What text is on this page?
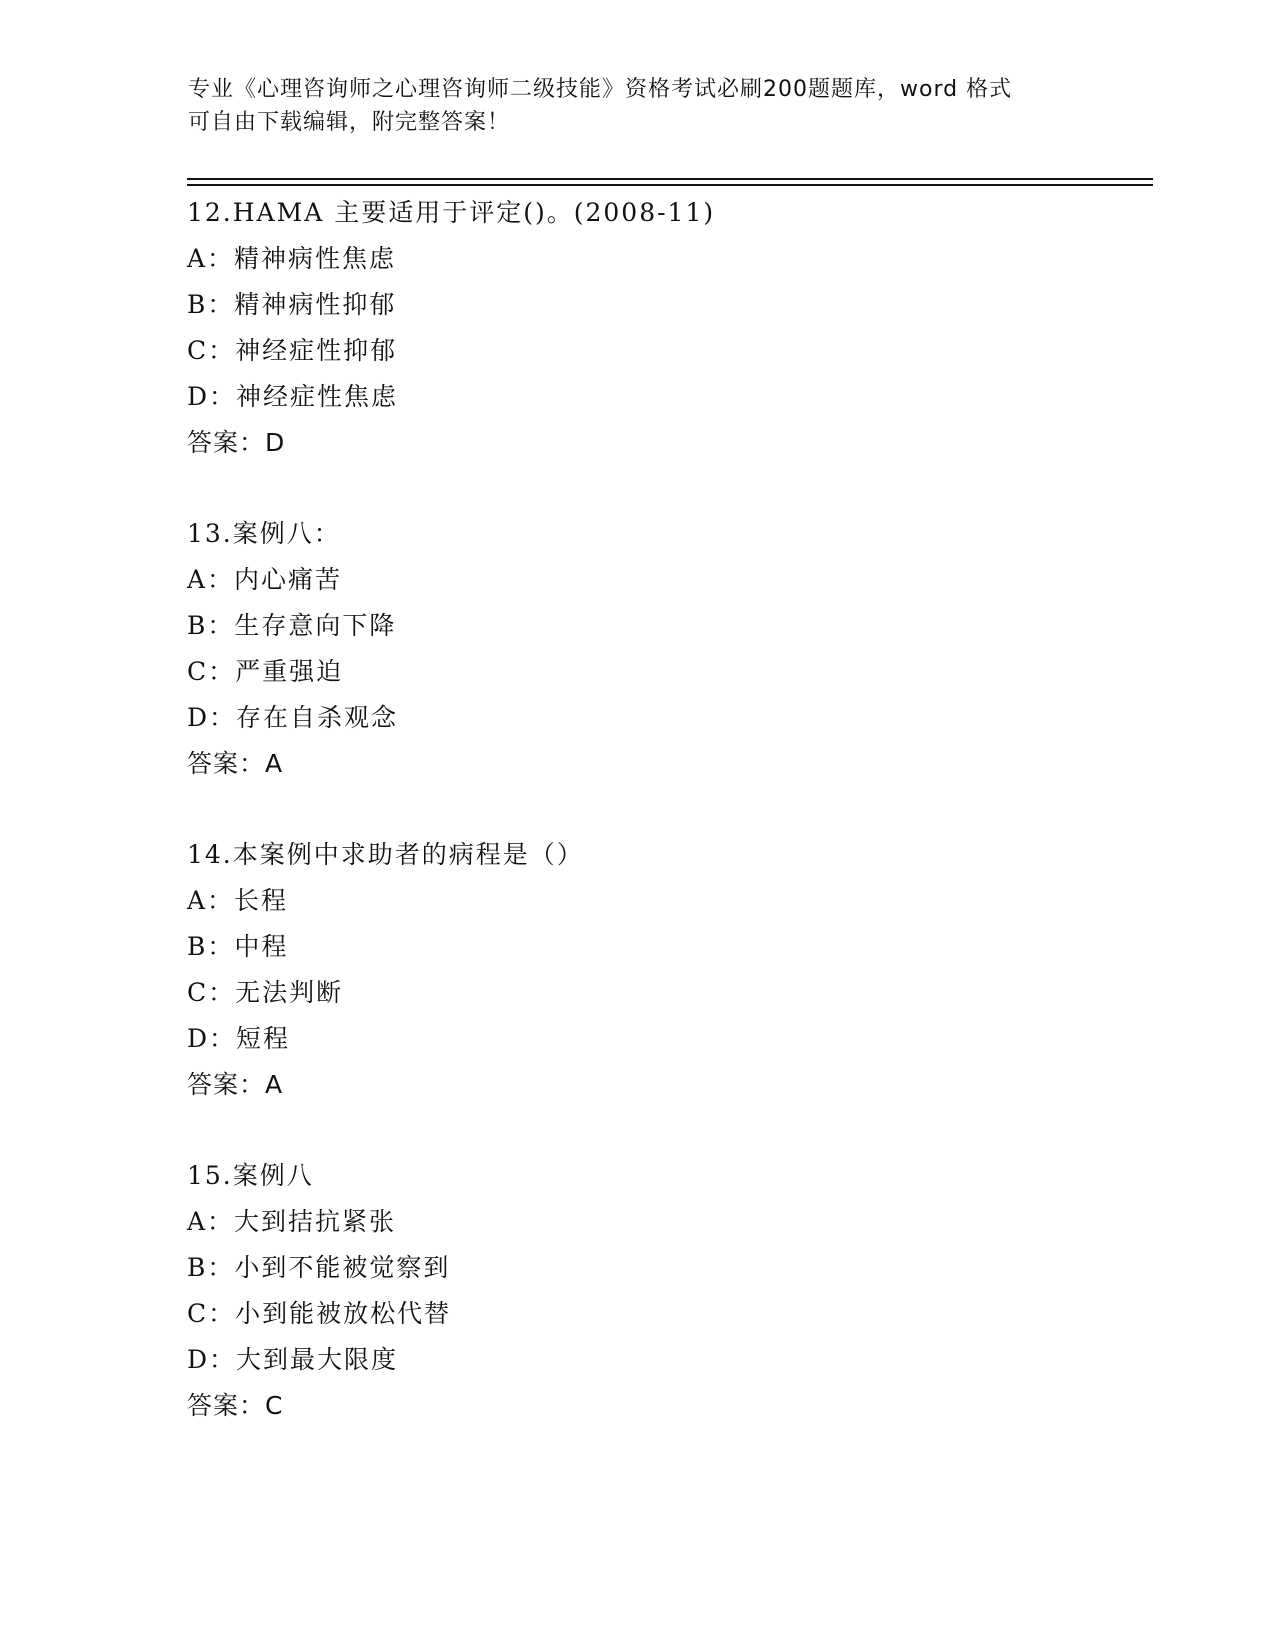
专业《心理咨询师之心理咨询师二级技能》资格考试必刷200题题库，word 格式
可自由下载编辑，附完整答案！
12.HAMA 主要适用于评定()。(2008-11)
A：精神病性焦虑
B：精神病性抑郁
C：神经症性抑郁
D：神经症性焦虑
答案：D
13.案例八：
A：内心痛苦
B：生存意向下降
C：严重强迫
D：存在自杀观念
答案：A
14.本案例中求助者的病程是（）
A：长程
B：中程
C：无法判断
D：短程
答案：A
15.案例八
A：大到拮抗紧张
B：小到不能被觉察到
C：小到能被放松代替
D：大到最大限度
答案：C
